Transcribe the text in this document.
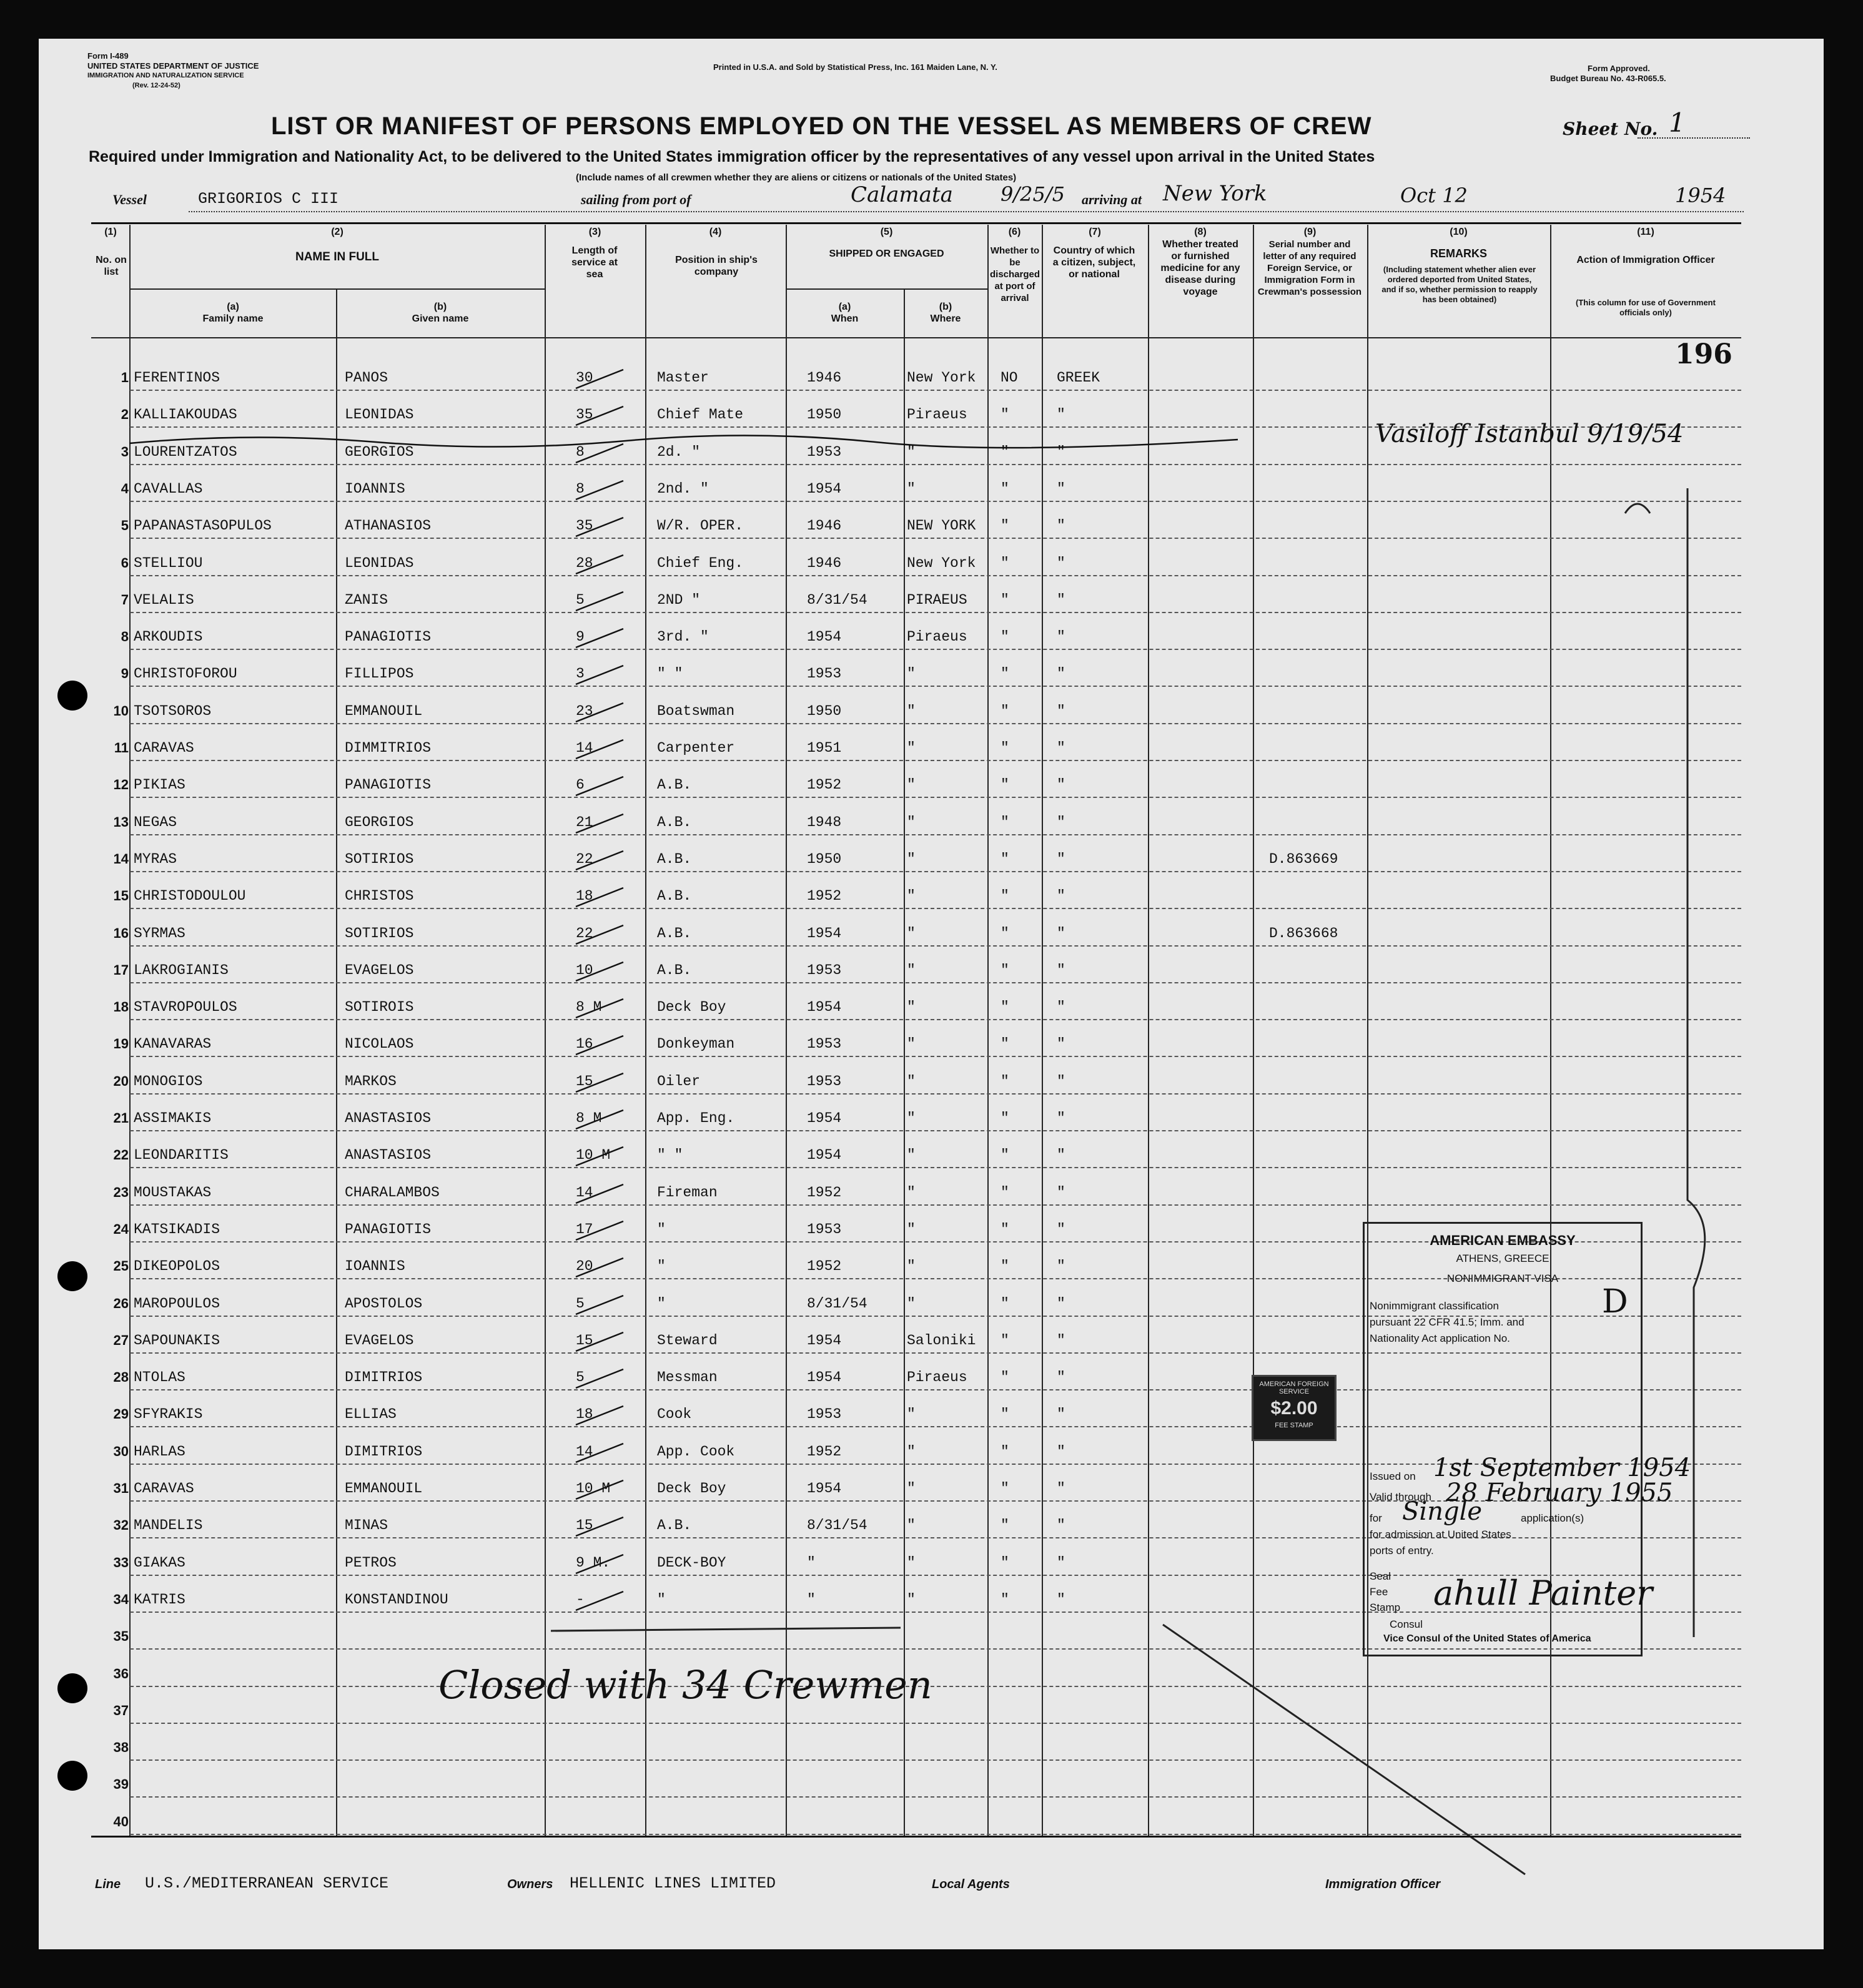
Form I-489
UNITED STATES DEPARTMENT OF JUSTICE
IMMIGRATION AND NATURALIZATION SERVICE
(Rev. 12-24-52)
Printed in U.S.A. and Sold by Statistical Press, Inc. 161 Maiden Lane, N. Y.	Form Approved.
Budget Bureau No. 43-R065.5.
LIST OR MANIFEST OF PERSONS EMPLOYED ON THE VESSEL AS MEMBERS OF CREW	Sheet No. 1
Required under Immigration and Nationality Act, to be delivered to the United States immigration officer by the representatives of any vessel upon arrival in the United States
(Include names of all crewmen whether they are aliens or citizens or nationals of the United States)
Vessel	GRIGORIOS C III	sailing from port of	Calamata 9/25/5 arriving at New York	Oct 12	1954
(1)
No. on list
(2)
NAME IN FULL
(a)
Family name
(b)
Given name
(3)
Length of service at sea
(4)
Position in ship's company
(5)
SHIPPED OR ENGAGED
(a)
When
(b)
Where
(6)
Whether to be discharged at port of arrival
(7)
Country of which a citizen, subject, or national
(8)
Whether treated or furnished medicine for any disease during voyage
(9)
Serial number and letter of any required Foreign Service, or Immigration Form in Crewman's possession
(10)
REMARKS
(Including statement whether alien ever ordered deported from United States, and if so, whether permission to reapply has been obtained)
(11)
Action of Immigration Officer
(This column for use of Government officials only)
1 FERENTINOS	PANOS	30	Master	1946	New York NO	GREEK
2 KALLIAKOUDAS	LEONIDAS	35	Chief Mate	1950	Piraeus "	"
3 LOURENTZATOS	GEORGIOS	8	2d. "	1953	"	"	"
4 CAVALLAS	IOANNIS	8	2nd. "	1954	"	"	"
5 PAPANASTASOPULOS	ATHANASIOS	35	W/R. OPER.	1946	NEW YORK "	"
6 STELLIOU	LEONIDAS	28	Chief Eng.	1946	New York "	"
7 VELALIS	ZANIS	5	2ND "	8/31/54	PIRAEUS "	"
8 ARKOUDIS	PANAGIOTIS	9	3rd. "	1954	Piraeus "	"
9 CHRISTOFOROU	FILLIPOS	3	" "	1953	"	"	"
10 TSOTSOROS	EMMANOUIL	23	Boatswman	1950	"	"	"
11 CARAVAS	DIMMITRIOS	14	Carpenter	1951	"	"	"
12 PIKIAS	PANAGIOTIS	6	A.B.	1952	"	"	"
13 NEGAS	GEORGIOS	21	A.B.	1948	"	"	"
14 MYRAS	SOTIRIOS	22	A.B.	1950	"	"	"	D.863669
15 CHRISTODOULOU	CHRISTOS	18	A.B.	1952	"	"	"
16 SYRMAS	SOTIRIOS	22	A.B.	1954	"	"	"	D.863668
17 LAKROGIANIS	EVAGELOS	10	A.B.	1953	"	"	"
18 STAVROPOULOS	SOTIROIS	8 M	Deck Boy	1954	"	"	"
19 KANAVARAS	NICOLAOS	16	Donkeyman	1953	"	"	"
20 MONOGIOS	MARKOS	15	Oiler	1953	"	"	"
21 ASSIMAKIS	ANASTASIOS	8 M	App. Eng.	1954	"	"	"
22 LEONDARITIS	ANASTASIOS	10 M	" "	1954	"	"	"
23 MOUSTAKAS	CHARALAMBOS	14	Fireman	1952	"	"	"
24 KATSIKADIS	PANAGIOTIS	17	"	1953	"	"	"
25 DIKEOPOLOS	IOANNIS	20	"	1952	"	"	"
26 MAROPOULOS	APOSTOLOS	5	"	8/31/54	"	"	"
27 SAPOUNAKIS	EVAGELOS	15	Steward	1954	Saloniki "	"
28 NTOLAS	DIMITRIOS	5	Messman	1954	Piraeus "	"
29 SFYRAKIS	ELLIAS	18	Cook	1953	"	"	"
30 HARLAS	DIMITRIOS	14	App. Cook	1952	"	"	"
31 CARAVAS	EMMANOUIL	10 M	Deck Boy	1954	"	"	"
32 MANDELIS	MINAS	15	A.B.	8/31/54	"	"	"
33 GIAKAS	PETROS	9 M.	DECK-BOY	"	"	"	"
34 KATRIS	KONSTANDINOU	-	"	"	"	"	"
35
36
37
38
39
40
196
Vasiloff Istanbul 9/19/54
Closed with 34 Crewmen
AMERICAN EMBASSY
ATHENS, GREECE
NONIMMIGRANT VISA
Nonimmigrant classification	D
pursuant 22 CFR 41.5; Imm. and
Nationality Act application No.
Issued on 1st September 1954
Valid through 28 February 1955
for Single	application(s)
for admission at United States
ports of entry.
Seal
Fee
Stamp ahull Painter
Consul
Vice Consul of the United States of America
AMERICAN FOREIGN SERVICE
$2.00
FEE STAMP
Line U.S./MEDITERRANEAN SERVICE	Owners HELLENIC LINES LIMITED	Local Agents	Immigration Officer
